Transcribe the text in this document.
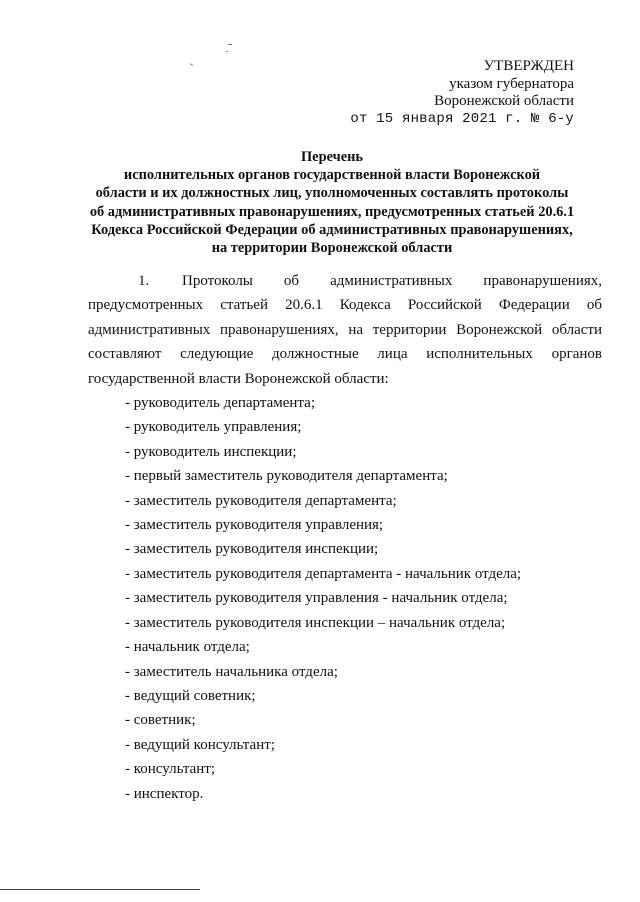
УТВЕРЖДЕН
указом губернатора
Воронежской области
от 15 января 2021 г. № 6-у
Перечень
исполнительных органов государственной власти Воронежской
области и их должностных лиц, уполномоченных составлять протоколы
об административных правонарушениях, предусмотренных статьей 20.6.1
Кодекса Российской Федерации об административных правонарушениях,
на территории Воронежской области

1. Протоколы об административных правонарушениях, предусмотренных статьей 20.6.1 Кодекса Российской Федерации об административных правонарушениях, на территории Воронежской области составляют следующие должностные лица исполнительных органов государственной власти Воронежской области:

- руководитель департамента;
- руководитель управления;
- руководитель инспекции;
- первый заместитель руководителя департамента;
- заместитель руководителя департамента;
- заместитель руководителя управления;
- заместитель руководителя инспекции;
- заместитель руководителя департамента - начальник отдела;
- заместитель руководителя управления - начальник отдела;
- заместитель руководителя инспекции – начальник отдела;
- начальник отдела;
- заместитель начальника отдела;
- ведущий советник;
- советник;
- ведущий консультант;
- консультант;
- инспектор.
